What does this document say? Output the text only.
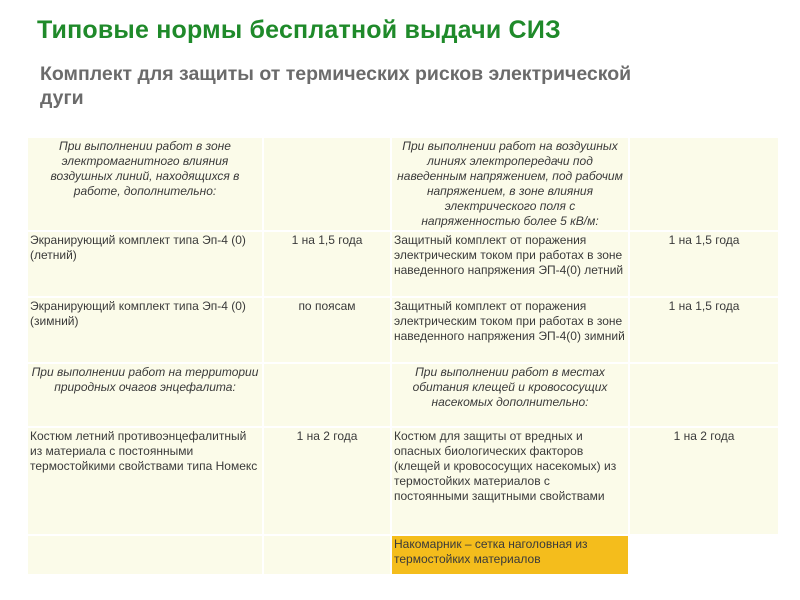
Типовые нормы бесплатной выдачи СИЗ
Комплект для защиты от термических рисков электрической дуги
При выполнении работ в зоне электромагнитного влияния воздушных линий, находящихся в работе, дополнительно:		При выполнении работ на воздушных линиях электропередачи под наведенным напряжением, под рабочим напряжением, в зоне влияния электрического поля с напряженностью более 5 кВ/м:	
Экранирующий комплект типа Эп-4 (0) (летний)	1 на 1,5 года	Защитный комплект от поражения электрическим током при работах в зоне наведенного напряжения ЭП-4(0) летний	1 на 1,5 года
Экранирующий комплект типа Эп-4 (0) (зимний)	по поясам	Защитный комплект от поражения электрическим током при работах в зоне наведенного напряжения ЭП-4(0) зимний	1 на 1,5 года
При выполнении работ на территории природных очагов энцефалита:		При выполнении работ в местах обитания клещей и кровососущих насекомых дополнительно:	
Костюм летний противоэнцефалитный из материала с постоянными термостойкими свойствами типа Номекс	1 на 2 года	Костюм для защиты от вредных и опасных биологических факторов (клещей и кровососущих насекомых) из термостойких материалов с постоянными защитными свойствами	1 на 2 года
		Накомарник – сетка наголовная из термостойких материалов	
